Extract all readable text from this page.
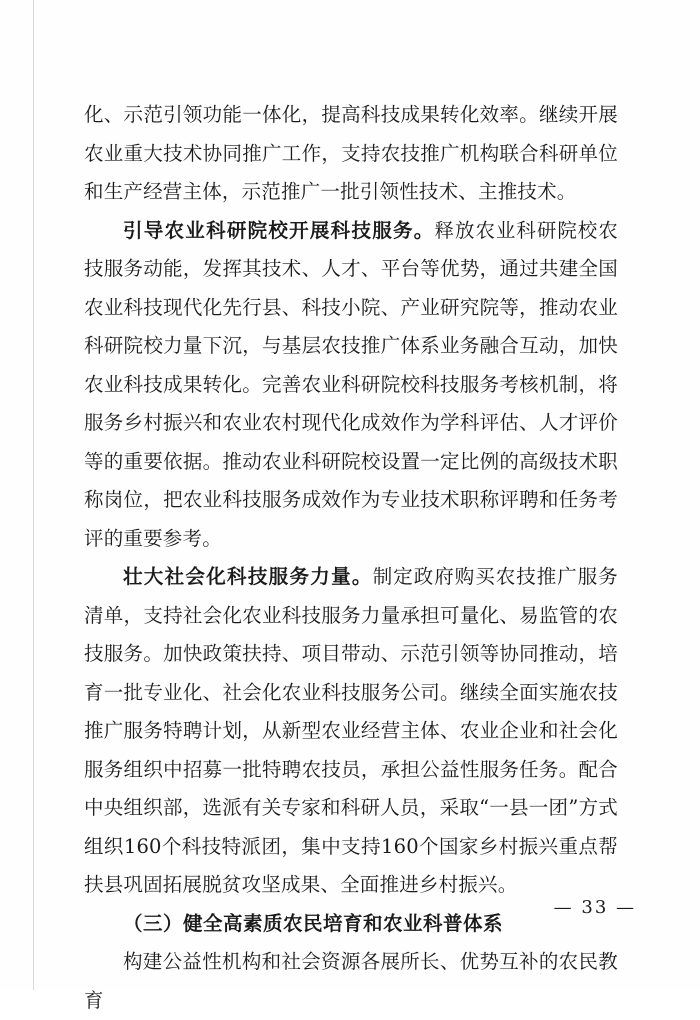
化、示范引领功能一体化，提高科技成果转化效率。继续开展农业重大技术协同推广工作，支持农技推广机构联合科研单位和生产经营主体，示范推广一批引领性技术、主推技术。

引导农业科研院校开展科技服务。释放农业科研院校农技服务动能，发挥其技术、人才、平台等优势，通过共建全国农业科技现代化先行县、科技小院、产业研究院等，推动农业科研院校力量下沉，与基层农技推广体系业务融合互动，加快农业科技成果转化。完善农业科研院校科技服务考核机制，将服务乡村振兴和农业农村现代化成效作为学科评估、人才评价等的重要依据。推动农业科研院校设置一定比例的高级技术职称岗位，把农业科技服务成效作为专业技术职称评聘和任务考评的重要参考。

壮大社会化科技服务力量。制定政府购买农技推广服务清单，支持社会化农业科技服务力量承担可量化、易监管的农技服务。加快政策扶持、项目带动、示范引领等协同推动，培育一批专业化、社会化农业科技服务公司。继续全面实施农技推广服务特聘计划，从新型农业经营主体、农业企业和社会化服务组织中招募一批特聘农技员，承担公益性服务任务。配合中央组织部，选派有关专家和科研人员，采取“一县一团”方式组织160个科技特派团，集中支持160个国家乡村振兴重点帮扶县巩固拓展脱贫攻坚成果、全面推进乡村振兴。

（三）健全高素质农民培育和农业科普体系

构建公益性机构和社会资源各展所长、优势互补的农民教育

— 33 —
